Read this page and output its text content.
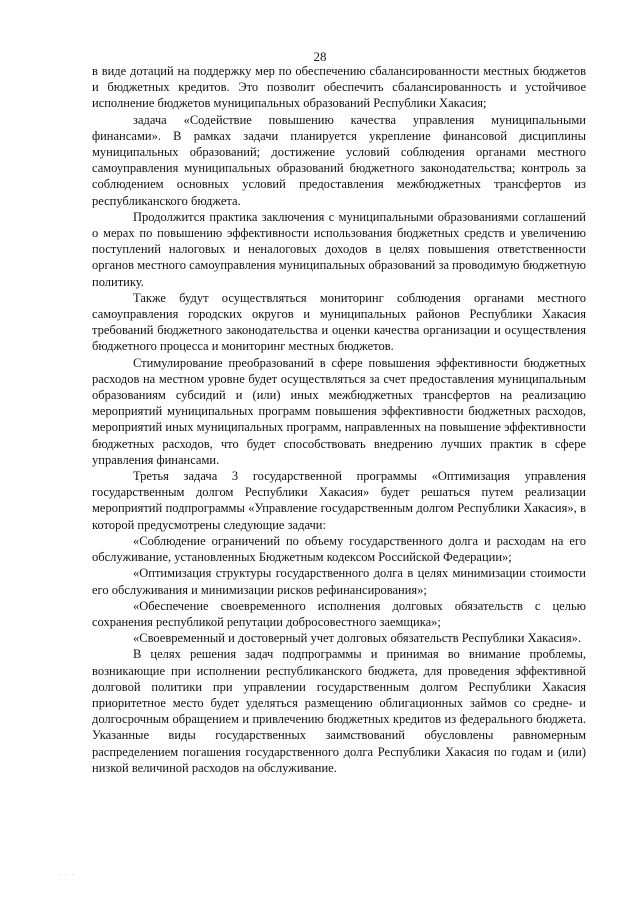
28

в виде дотаций на поддержку мер по обеспечению сбалансированности местных бюджетов и бюджетных кредитов. Это позволит обеспечить сбалансированность и устойчивое исполнение бюджетов муниципальных образований Республики Хакасия;

задача «Содействие повышению качества управления муниципальными финансами». В рамках задачи планируется укрепление финансовой дисциплины муниципальных образований; достижение условий соблюдения органами местного самоуправления муниципальных образований бюджетного законодательства; контроль за соблюдением основных условий предоставления межбюджетных трансфертов из республиканского бюджета.

Продолжится практика заключения с муниципальными образованиями соглашений о мерах по повышению эффективности использования бюджетных средств и увеличению поступлений налоговых и неналоговых доходов в целях повышения ответственности органов местного самоуправления муниципальных образований за проводимую бюджетную политику.

Также будут осуществляться мониторинг соблюдения органами местного самоуправления городских округов и муниципальных районов Республики Хакасия требований бюджетного законодательства и оценки качества организации и осуществления бюджетного процесса и мониторинг местных бюджетов.

Стимулирование преобразований в сфере повышения эффективности бюджетных расходов на местном уровне будет осуществляться за счет предоставления муниципальным образованиям субсидий и (или) иных межбюджетных трансфертов на реализацию мероприятий муниципальных программ повышения эффективности бюджетных расходов, мероприятий иных муниципальных программ, направленных на повышение эффективности бюджетных расходов, что будет способствовать внедрению лучших практик в сфере управления финансами.

Третья задача 3 государственной программы «Оптимизация управления государственным долгом Республики Хакасия» будет решаться путем реализации мероприятий подпрограммы «Управление государственным долгом Республики Хакасия», в которой предусмотрены следующие задачи:

«Соблюдение ограничений по объему государственного долга и расходам на его обслуживание, установленных Бюджетным кодексом Российской Федерации»;

«Оптимизация структуры государственного долга в целях минимизации стоимости его обслуживания и минимизации рисков рефинансирования»;

«Обеспечение своевременного исполнения долговых обязательств с целью сохранения республикой репутации добросовестного заемщика»;

«Своевременный и достоверный учет долговых обязательств Республики Хакасия».

В целях решения задач подпрограммы и принимая во внимание проблемы, возникающие при исполнении республиканского бюджета, для проведения эффективной долговой политики при управлении государственным долгом Республики Хакасия приоритетное место будет уделяться размещению облигационных займов со средне- и долгосрочным обращением и привлечению бюджетных кредитов из федерального бюджета. Указанные виды государственных заимствований обусловлены равномерным распределением погашения государственного долга Республики Хакасия по годам и (или) низкой величиной расходов на обслуживание.

· · ·
